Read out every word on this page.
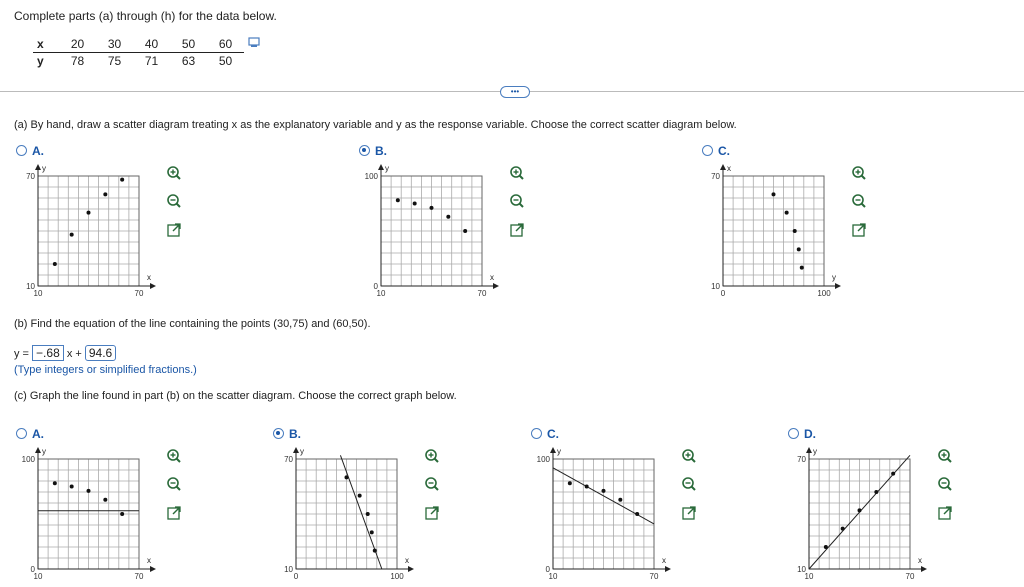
Complete parts (a) through (h) for the data below.
x	20	30	40	50	60
y	78	75	71	63	50
•••
(a) By hand, draw a scatter diagram treating x as the explanatory variable and y as the response variable. Choose the correct scatter diagram below.
A.	B.	C.
(b) Find the equation of the line containing the points (30,75) and (60,50).
y = −.68 x + 94.6
(Type integers or simplified fractions.)
(c) Graph the line found in part (b) on the scatter diagram. Choose the correct graph below.
A.	B.	C.	D.
y
x
70
10
10	70
y
x
100
0
10	70
x
y
70
10
0	100
y
x
100
0
10	70
y
x
70
10
0	100
y
x
100
0
10	70
y
x
70
10
10	70
